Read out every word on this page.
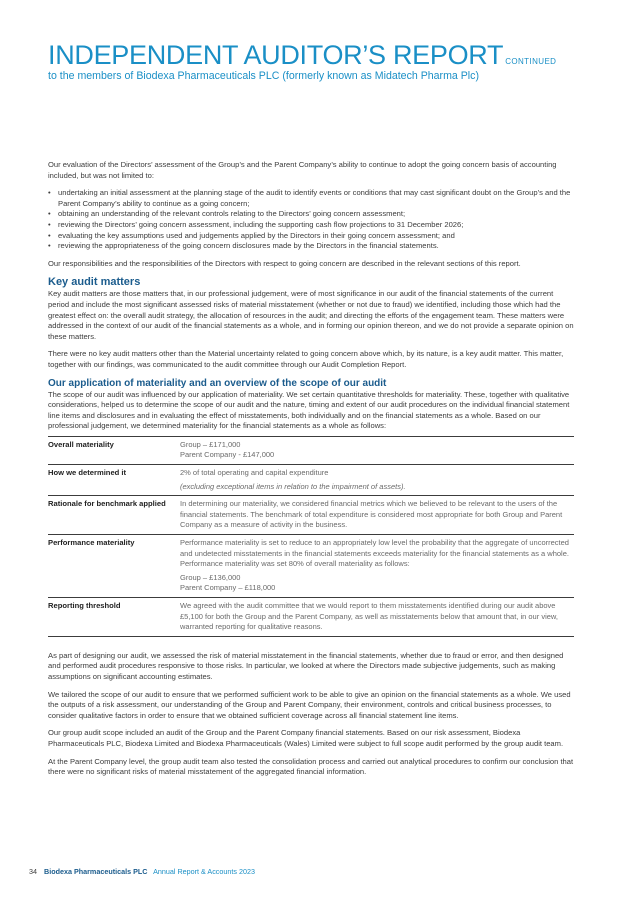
INDEPENDENT AUDITOR’S REPORT CONTINUED
to the members of Biodexa Pharmaceuticals PLC (formerly known as Midatech Pharma Plc)

Our evaluation of the Directors’ assessment of the Group’s and the Parent Company’s ability to continue to adopt the going concern basis of accounting included, but was not limited to:

• undertaking an initial assessment at the planning stage of the audit to identify events or conditions that may cast significant doubt on the Group’s and the Parent Company’s ability to continue as a going concern;
• obtaining an understanding of the relevant controls relating to the Directors’ going concern assessment;
• reviewing the Directors’ going concern assessment, including the supporting cash flow projections to 31 December 2026;
• evaluating the key assumptions used and judgements applied by the Directors in their going concern assessment; and
• reviewing the appropriateness of the going concern disclosures made by the Directors in the financial statements.

Our responsibilities and the responsibilities of the Directors with respect to going concern are described in the relevant sections of this report.

Key audit matters

Key audit matters are those matters that, in our professional judgement, were of most significance in our audit of the financial statements of the current period and include the most significant assessed risks of material misstatement (whether or not due to fraud) we identified, including those which had the greatest effect on: the overall audit strategy, the allocation of resources in the audit; and directing the efforts of the engagement team. These matters were addressed in the context of our audit of the financial statements as a whole, and in forming our opinion thereon, and we do not provide a separate opinion on these matters.

There were no key audit matters other than the Material uncertainty related to going concern above which, by its nature, is a key audit matter. This matter, together with our findings, was communicated to the audit committee through our Audit Completion Report.

Our application of materiality and an overview of the scope of our audit

The scope of our audit was influenced by our application of materiality. We set certain quantitative thresholds for materiality. These, together with qualitative considerations, helped us to determine the scope of our audit and the nature, timing and extent of our audit procedures on the individual financial statement line items and disclosures and in evaluating the effect of misstatements, both individually and on the financial statements as a whole. Based on our professional judgement, we determined materiality for the financial statements as a whole as follows:

Overall materiality	Group – £171,000
Parent Company - £147,000
How we determined it	2% of total operating and capital expenditure
(excluding exceptional items in relation to the impairment of assets).

Rationale for benchmark applied	In determining our materiality, we considered financial metrics which we believed to be relevant to the users of the financial statements. The benchmark of total expenditure is considered most appropriate for both Group and Parent Company as a measure of activity in the business.
Performance materiality	Performance materiality is set to reduce to an appropriately low level the probability that the aggregate of uncorrected and undetected misstatements in the financial statements exceeds materiality for the financial statements as a whole. Performance materiality was set 80% of overall materiality as follows:
Group – £136,000
Parent Company – £118,000
Reporting threshold	We agreed with the audit committee that we would report to them misstatements identified during our audit above £5,100 for both the Group and the Parent Company, as well as misstatements below that amount that, in our view, warranted reporting for qualitative reasons.

As part of designing our audit, we assessed the risk of material misstatement in the financial statements, whether due to fraud or error, and then designed and performed audit procedures responsive to those risks. In particular, we looked at where the Directors made subjective judgements, such as making assumptions on significant accounting estimates.

We tailored the scope of our audit to ensure that we performed sufficient work to be able to give an opinion on the financial statements as a whole. We used the outputs of a risk assessment, our understanding of the Group and Parent Company, their environment, controls and critical business processes, to consider qualitative factors in order to ensure that we obtained sufficient coverage across all financial statement line items.

Our group audit scope included an audit of the Group and the Parent Company financial statements. Based on our risk assessment, Biodexa Pharmaceuticals PLC, Biodexa Limited and Biodexa Pharmaceuticals (Wales) Limited were subject to full scope audit performed by the group audit team.

At the Parent Company level, the group audit team also tested the consolidation process and carried out analytical procedures to confirm our conclusion that there were no significant risks of material misstatement of the aggregated financial information.

34 Biodexa Pharmaceuticals PLC Annual Report & Accounts 2023
